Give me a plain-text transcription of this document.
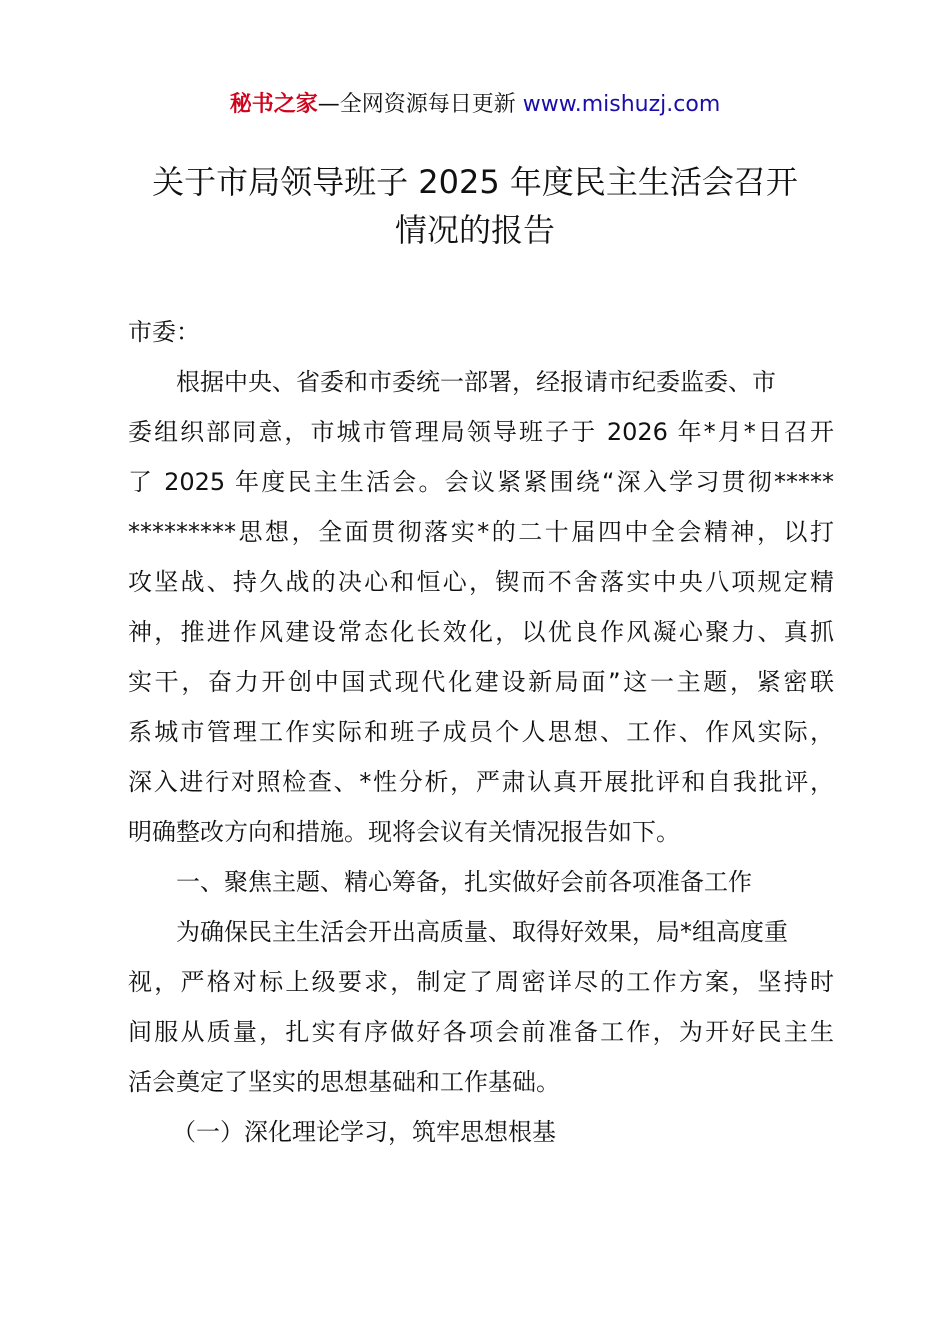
秘书之家—全网资源每日更新 www.mishuzj.com
关于市局领导班子 2025 年度民主生活会召开
情况的报告
市委：
根据中央、省委和市委统一部署，经报请市纪委监委、市
委组织部同意，市城市管理局领导班子于 2026 年*月*日召开
了 2025 年度民主生活会。会议紧紧围绕“深入学习贯彻*****
*********思想，全面贯彻落实*的二十届四中全会精神，以打
攻坚战、持久战的决心和恒心，锲而不舍落实中央八项规定精
神，推进作风建设常态化长效化，以优良作风凝心聚力、真抓
实干，奋力开创中国式现代化建设新局面”这一主题，紧密联
系城市管理工作实际和班子成员个人思想、工作、作风实际，
深入进行对照检查、*性分析，严肃认真开展批评和自我批评，
明确整改方向和措施。现将会议有关情况报告如下。
一、聚焦主题、精心筹备，扎实做好会前各项准备工作
为确保民主生活会开出高质量、取得好效果，局*组高度重
视，严格对标上级要求，制定了周密详尽的工作方案，坚持时
间服从质量，扎实有序做好各项会前准备工作，为开好民主生
活会奠定了坚实的思想基础和工作基础。
（一）深化理论学习，筑牢思想根基
